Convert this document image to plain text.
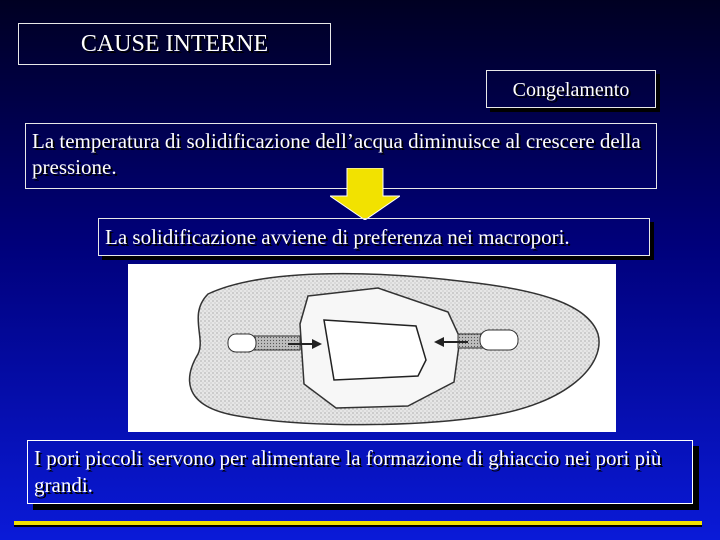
CAUSE INTERNE
Congelamento
La temperatura di solidificazione dell’acqua diminuisce al crescere della pressione.
La solidificazione avviene di preferenza nei macropori.
I pori piccoli servono per alimentare la formazione di ghiaccio nei pori più grandi.
